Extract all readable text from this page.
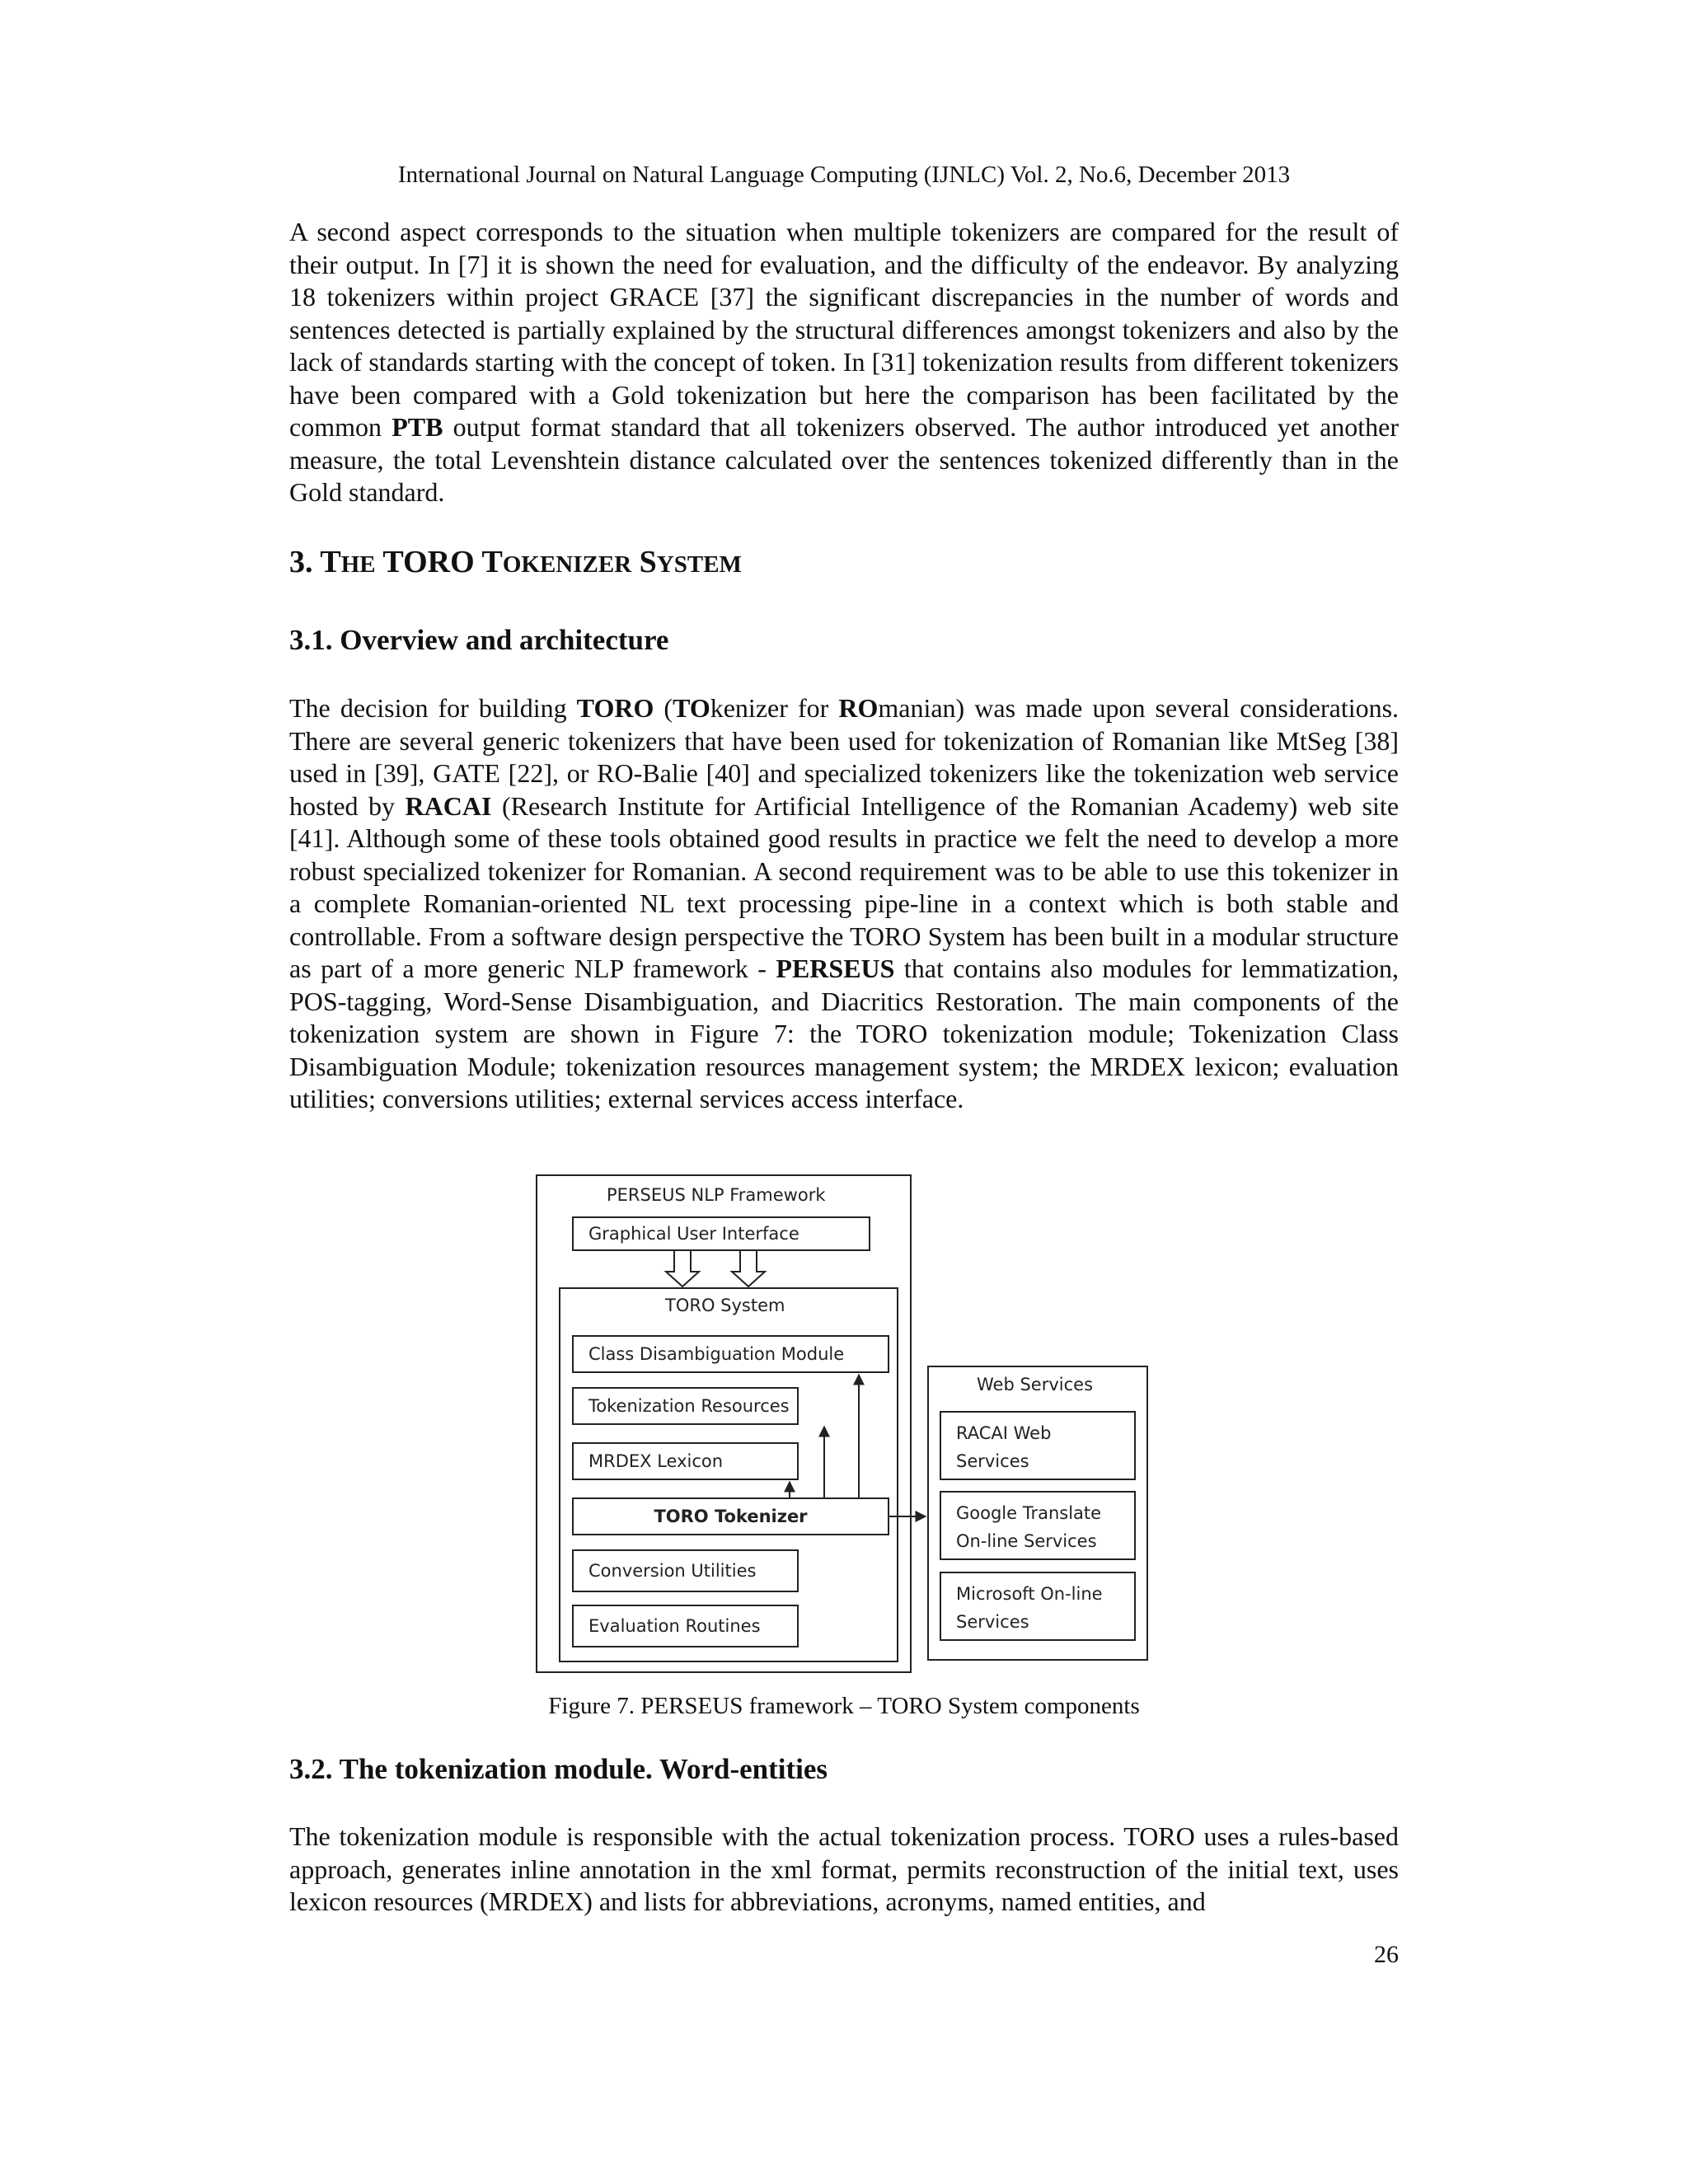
International Journal on Natural Language Computing (IJNLC) Vol. 2, No.6, December 2013

A second aspect corresponds to the situation when multiple tokenizers are compared for the result of their output. In [7] it is shown the need for evaluation, and the difficulty of the endeavor. By analyzing 18 tokenizers within project GRACE [37] the significant discrepancies in the number of words and sentences detected is partially explained by the structural differences amongst tokenizers and also by the lack of standards starting with the concept of token. In [31] tokenization results from different tokenizers have been compared with a Gold tokenization but here the comparison has been facilitated by the common PTB output format standard that all tokenizers observed. The author introduced yet another measure, the total Levenshtein distance calculated over the sentences tokenized differently than in the Gold standard.

3. THE TORO TOKENIZER SYSTEM
3.1. Overview and architecture

The decision for building TORO (TOkenizer for ROmanian) was made upon several considerations. There are several generic tokenizers that have been used for tokenization of Romanian like MtSeg [38] used in [39], GATE [22], or RO-Balie [40] and specialized tokenizers like the tokenization web service hosted by RACAI (Research Institute for Artificial Intelligence of the Romanian Academy) web site [41]. Although some of these tools obtained good results in practice we felt the need to develop a more robust specialized tokenizer for Romanian. A second requirement was to be able to use this tokenizer in a complete Romanian-oriented NL text processing pipe-line in a context which is both stable and controllable. From a software design perspective the TORO System has been built in a modular structure as part of a more generic NLP framework - PERSEUS that contains also modules for lemmatization, POS-tagging, Word-Sense Disambiguation, and Diacritics Restoration. The main components of the tokenization system are shown in Figure 7: the TORO tokenization module; Tokenization Class Disambiguation Module; tokenization resources management system; the MRDEX lexicon; evaluation utilities; conversions utilities; external services access interface.

PERSEUS NLP Framework
Graphical User Interface
TORO System
Class Disambiguation Module
Tokenization Resources
MRDEX Lexicon
TORO Tokenizer
Conversion Utilities
Evaluation Routines
Web Services
RACAI Web
Services
Google Translate
On-line Services
Microsoft On-line
Services
Figure 7. PERSEUS framework – TORO System components
3.2. The tokenization module. Word-entities

The tokenization module is responsible with the actual tokenization process. TORO uses a rules-based approach, generates inline annotation in the xml format, permits reconstruction of the initial text, uses lexicon resources (MRDEX) and lists for abbreviations, acronyms, named entities, and

26
